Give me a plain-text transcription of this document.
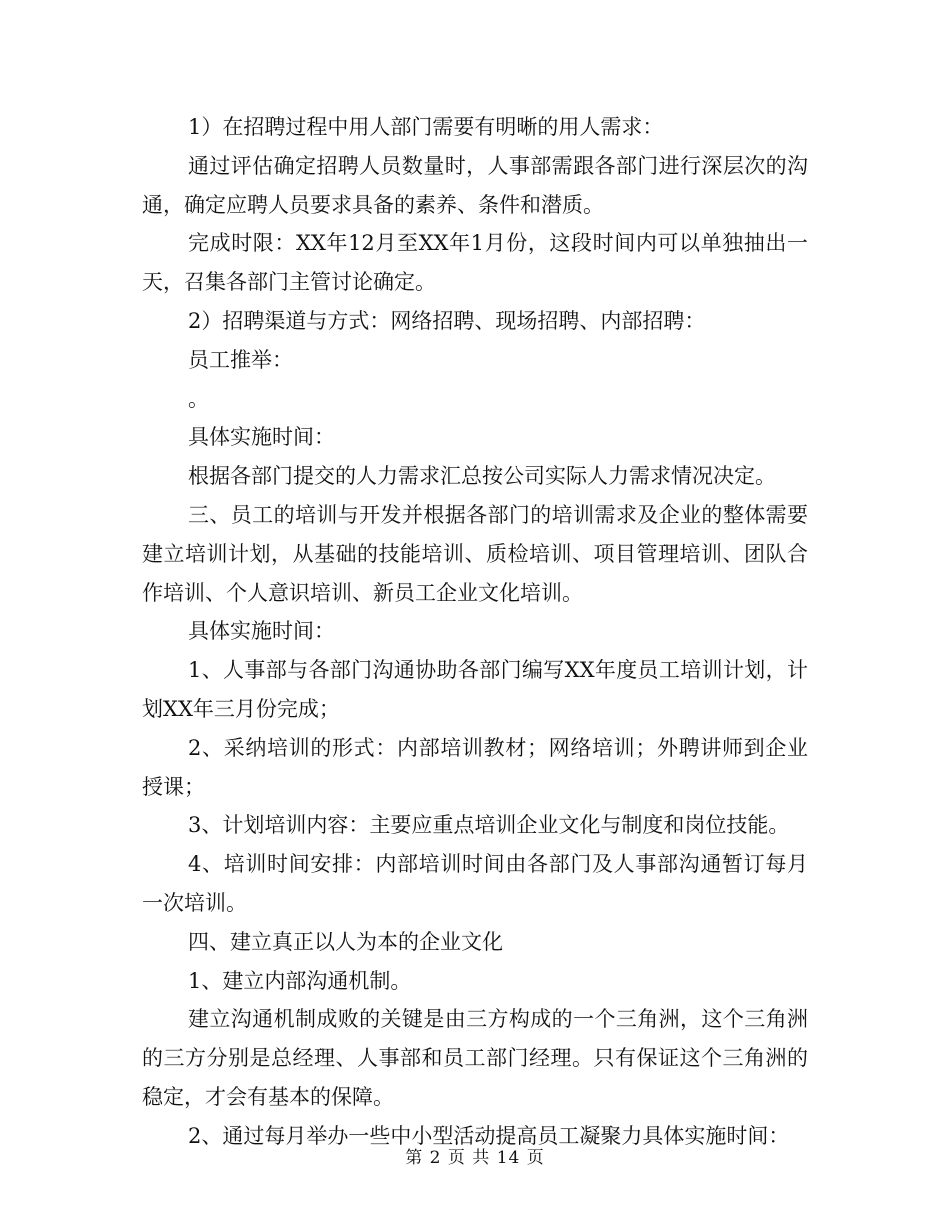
1）在招聘过程中用人部门需要有明晰的用人需求：

通过评估确定招聘人员数量时，人事部需跟各部门进行深层次的沟通，确定应聘人员要求具备的素养、条件和潜质。

完成时限：XX年12月至XX年1月份，这段时间内可以单独抽出一天，召集各部门主管讨论确定。

2）招聘渠道与方式：网络招聘、现场招聘、内部招聘：

员工推举：

。

具体实施时间：

根据各部门提交的人力需求汇总按公司实际人力需求情况决定。

三、员工的培训与开发并根据各部门的培训需求及企业的整体需要建立培训计划，从基础的技能培训、质检培训、项目管理培训、团队合作培训、个人意识培训、新员工企业文化培训。

具体实施时间：

1、人事部与各部门沟通协助各部门编写XX年度员工培训计划，计划XX年三月份完成；

2、采纳培训的形式：内部培训教材；网络培训；外聘讲师到企业授课；

3、计划培训内容：主要应重点培训企业文化与制度和岗位技能。

4、培训时间安排：内部培训时间由各部门及人事部沟通暂订每月一次培训。

四、建立真正以人为本的企业文化

1、建立内部沟通机制。

建立沟通机制成败的关键是由三方构成的一个三角洲，这个三角洲的三方分别是总经理、人事部和员工部门经理。只有保证这个三角洲的稳定，才会有基本的保障。

2、通过每月举办一些中小型活动提高员工凝聚力具体实施时间：

第 2 页 共 14 页
